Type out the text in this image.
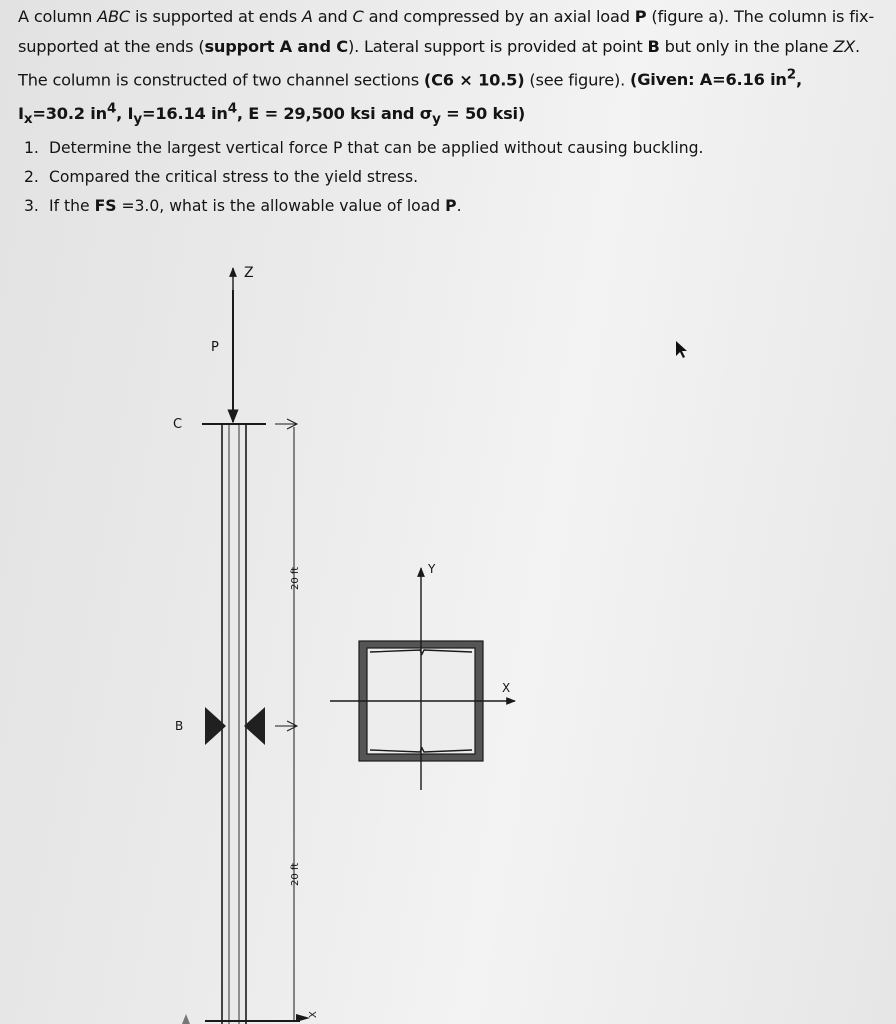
A column ABC is supported at ends A and C and compressed by an axial load P (figure a). The column is fix-supported at the ends (support A and C). Lateral support is provided at point B but only in the plane ZX. The column is constructed of two channel sections (C6 × 10.5) (see figure). (Given: A=6.16 $in^2$,
$I_x=30.2$ $in^4$, $I_y=16.14$ $in^4$, E = 29,500 ksi and $\sigma_y = 50$ ksi)

1. Determine the largest vertical force P that can be applied without causing buckling.
2. Compared the critical stress to the yield stress.
3. If the FS =3.0, what is the allowable value of load P.
Z
P
C
B
20 ft
20 ft
X
Y
X
